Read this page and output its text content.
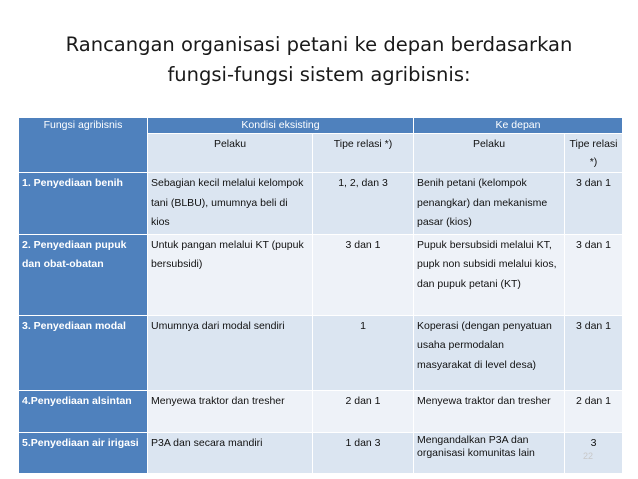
Rancangan organisasi petani ke depan berdasarkan
fungsi-fungsi sistem agribisnis:
Fungsi agribisnis	Kondisi eksisting		Ke depan	
	Pelaku	Tipe relasi *)	Pelaku	Tipe relasi *)
1. Penyediaan benih	Sebagian kecil melalui kelompok tani (BLBU), umumnya beli di kios	1, 2, dan 3	Benih petani (kelompok penangkar) dan mekanisme pasar (kios)	3 dan 1
2. Penyediaan pupuk dan obat-obatan	Untuk pangan melalui KT (pupuk bersubsidi)	3 dan 1	Pupuk bersubsidi melalui KT, pupk non subsidi melalui kios, dan pupuk petani (KT)	3 dan 1
3. Penyediaan modal	Umumnya dari modal sendiri	1	Koperasi (dengan penyatuan usaha permodalan masyarakat di level desa)	3 dan 1
4.Penyediaan alsintan	Menyewa traktor dan tresher	2 dan 1	Menyewa traktor dan tresher	2 dan 1
5.Penyediaan air irigasi	P3A dan secara mandiri	1 dan 3	Mengandalkan P3A dan organisasi komunitas lain	3
22
